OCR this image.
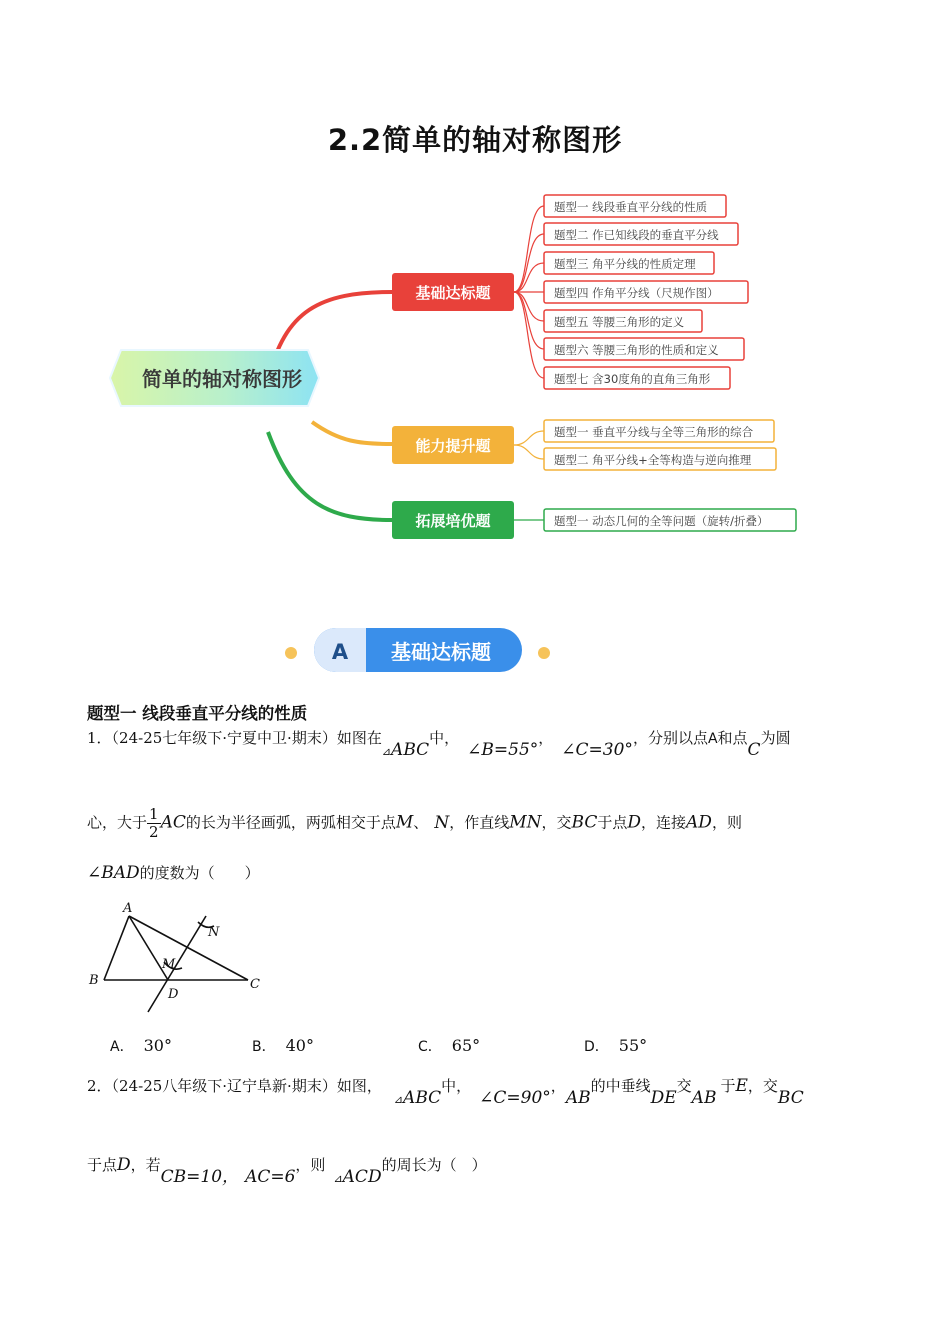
2.2简单的轴对称图形
简单的轴对称图形
基础达标题
能力提升题
拓展培优题
题型一 线段垂直平分线的性质
题型二 作已知线段的垂直平分线
题型三 角平分线的性质定理
题型四 作角平分线（尺规作图）
题型五 等腰三角形的定义
题型六 等腰三角形的性质和定义
题型七 含30度角的直角三角形
题型一 垂直平分线与全等三角形的综合
题型二 角平分线+全等构造与逆向推理
题型一 动态几何的全等问题（旋转/折叠）
A 基础达标题
题型一 线段垂直平分线的性质
1．（24-25七年级下·宁夏中卫·期末）如图在$_⊿$ABC中，∠B=55°，∠C=30°，分别以点A和点C为圆
心，大于 $\frac{1}{2}$ AC的长为半径画弧，两弧相交于点M、 N，作直线MN，交BC于点D，连接AD，则
∠BAD的度数为（　　）
A
B	C
D
M
N
A． 30°	B． 40°	C． 65°	D． 55°
2．（24-25八年级下·辽宁阜新·期末）如图，$_⊿$ABC中，∠C=90°，AB的中垂线DE交AB于E，交BC
于点D，若CB=10， AC=6，则$_⊿$ACD的周长为（　）
